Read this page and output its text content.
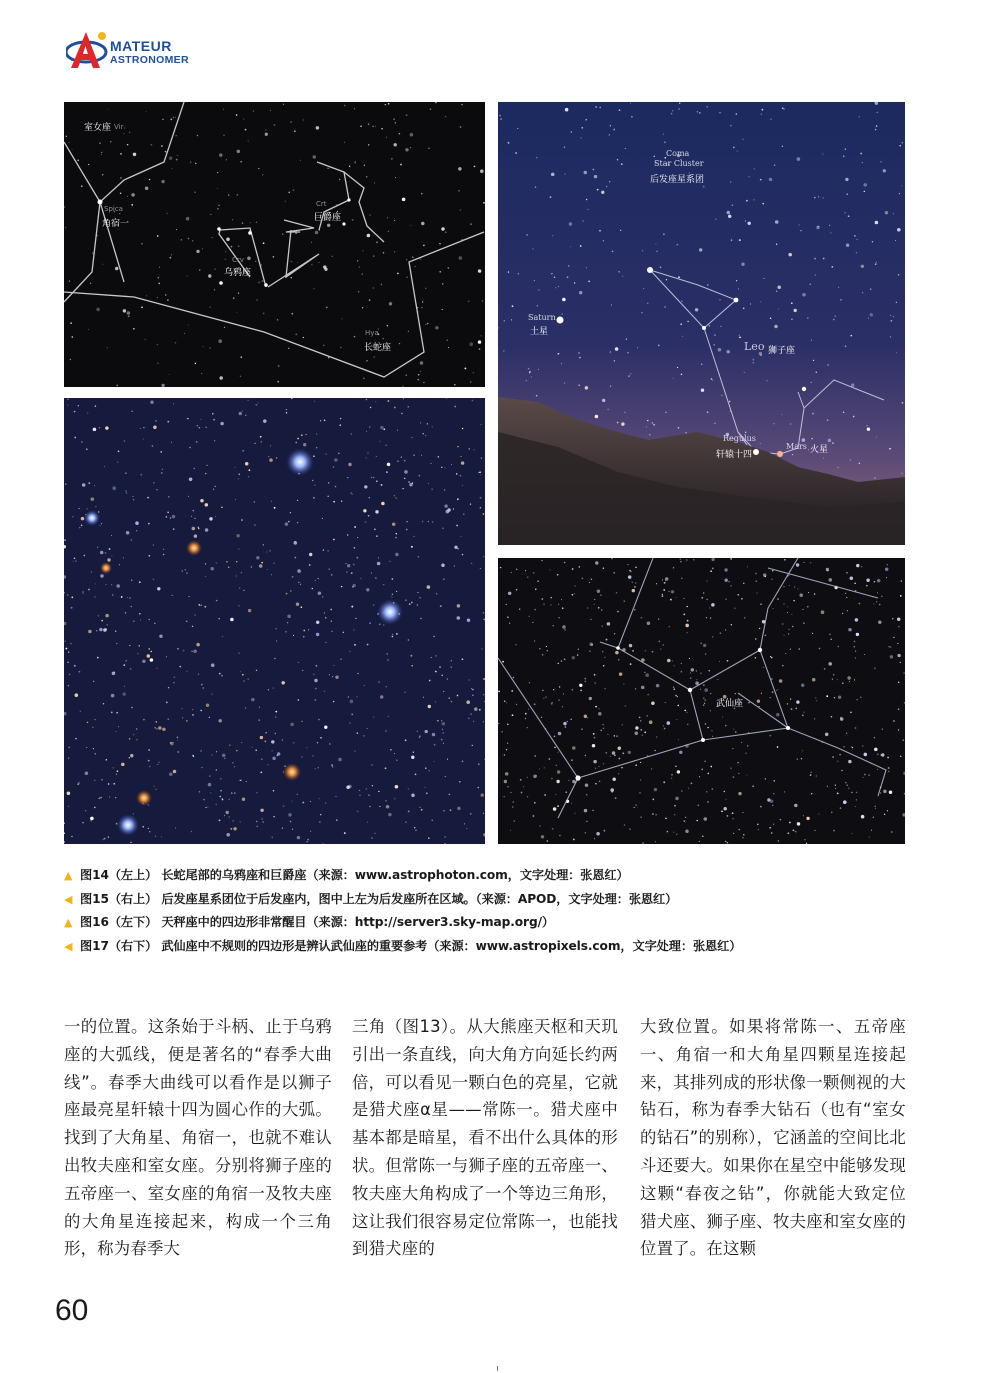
MATEUR
ASTRONOMER
室女座 Vir
Spica
角宿一
Crt
巨爵座
Crv
乌鸦座
Hya
长蛇座
Coma
Star Cluster
后发座星系团
Saturn
土星
Leo 狮子座
Regulus
轩辕十四
Mars 火星
武仙座
▲ 图14（左上） 长蛇尾部的乌鸦座和巨爵座（来源：www.astrophoton.com，文字处理：张恩红）
◀ 图15（右上） 后发座星系团位于后发座内，图中上左为后发座所在区域。（来源：APOD，文字处理：张恩红）
▲ 图16（左下） 天秤座中的四边形非常醒目（来源：http://server3.sky-map.org/）
◀ 图17（右下） 武仙座中不规则的四边形是辨认武仙座的重要参考（来源：www.astropixels.com，文字处理：张恩红）
一的位置。这条始于斗柄、止于乌鸦座的大弧线，便是著名的“春季大曲线”。春季大曲线可以看作是以狮子座最亮星轩辕十四为圆心作的大弧。找到了大角星、角宿一，也就不难认出牧夫座和室女座。分别将狮子座的五帝座一、室女座的角宿一及牧夫座的大角星连接起来，构成一个三角形，称为春季大
三角（图13）。从大熊座天枢和天玑引出一条直线，向大角方向延长约两倍，可以看见一颗白色的亮星，它就是猎犬座α星——常陈一。猎犬座中基本都是暗星，看不出什么具体的形状。但常陈一与狮子座的五帝座一、牧夫座大角构成了一个等边三角形，这让我们很容易定位常陈一，也能找到猎犬座的
大致位置。如果将常陈一、五帝座一、角宿一和大角星四颗星连接起来，其排列成的形状像一颗侧视的大钻石，称为春季大钻石（也有“室女的钻石”的别称），它涵盖的空间比北斗还要大。如果你在星空中能够发现这颗“春夜之钻”，你就能大致定位猎犬座、狮子座、牧夫座和室女座的位置了。在这颗
60
